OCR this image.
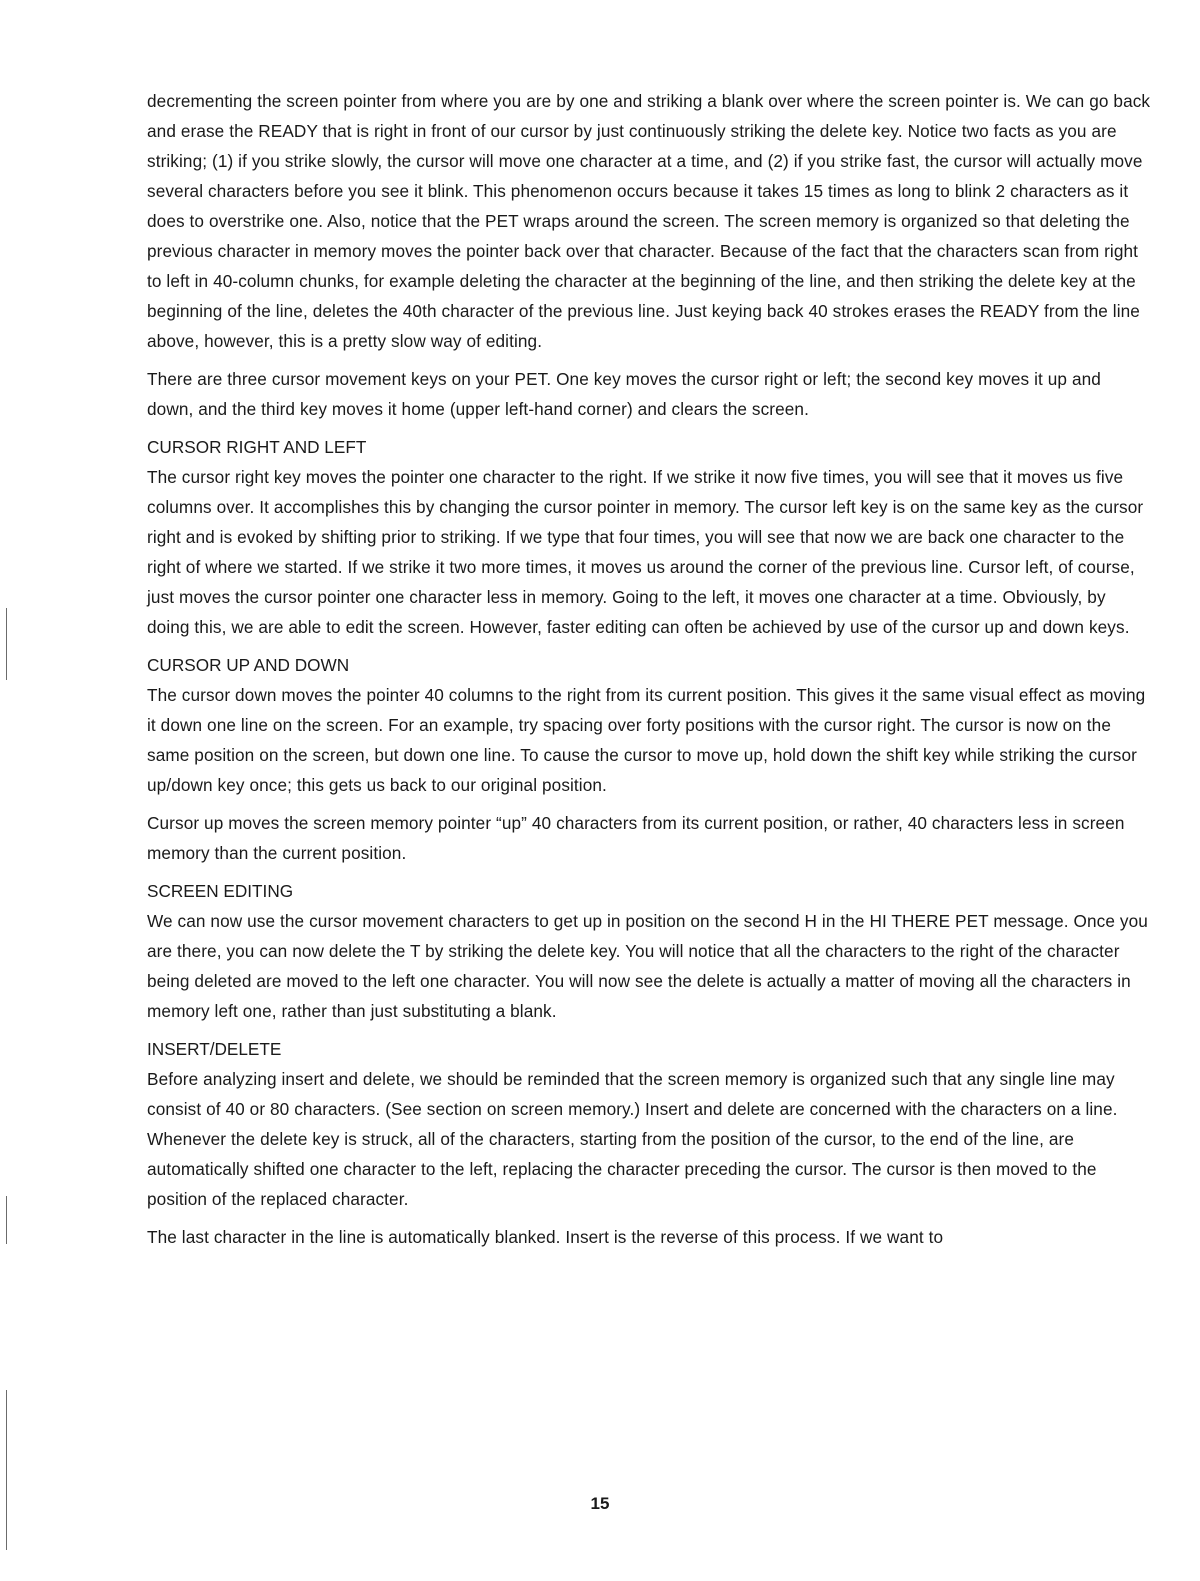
decrementing the screen pointer from where you are by one and striking a blank over where the screen pointer is. We can go back and erase the READY that is right in front of our cursor by just continuously striking the delete key. Notice two facts as you are striking; (1) if you strike slowly, the cursor will move one character at a time, and (2) if you strike fast, the cursor will actually move several characters before you see it blink. This phenomenon occurs because it takes 15 times as long to blink 2 characters as it does to overstrike one. Also, notice that the PET wraps around the screen. The screen memory is organized so that deleting the previous character in memory moves the pointer back over that character. Because of the fact that the characters scan from right to left in 40-column chunks, for example deleting the character at the beginning of the line, and then striking the delete key at the beginning of the line, deletes the 40th character of the previous line. Just keying back 40 strokes erases the READY from the line above, however, this is a pretty slow way of editing.

There are three cursor movement keys on your PET. One key moves the cursor right or left; the second key moves it up and down, and the third key moves it home (upper left-hand corner) and clears the screen.

CURSOR RIGHT AND LEFT

The cursor right key moves the pointer one character to the right. If we strike it now five times, you will see that it moves us five columns over. It accomplishes this by changing the cursor pointer in memory. The cursor left key is on the same key as the cursor right and is evoked by shifting prior to striking. If we type that four times, you will see that now we are back one character to the right of where we started. If we strike it two more times, it moves us around the corner of the previous line. Cursor left, of course, just moves the cursor pointer one character less in memory. Going to the left, it moves one character at a time. Obviously, by doing this, we are able to edit the screen. However, faster editing can often be achieved by use of the cursor up and down keys.

CURSOR UP AND DOWN

The cursor down moves the pointer 40 columns to the right from its current position. This gives it the same visual effect as moving it down one line on the screen. For an example, try spacing over forty positions with the cursor right. The cursor is now on the same position on the screen, but down one line. To cause the cursor to move up, hold down the shift key while striking the cursor up/down key once; this gets us back to our original position.

Cursor up moves the screen memory pointer “up” 40 characters from its current position, or rather, 40 characters less in screen memory than the current position.

SCREEN EDITING

We can now use the cursor movement characters to get up in position on the second H in the HI THERE PET message. Once you are there, you can now delete the T by striking the delete key. You will notice that all the characters to the right of the character being deleted are moved to the left one character. You will now see the delete is actually a matter of moving all the characters in memory left one, rather than just substituting a blank.

INSERT/DELETE

Before analyzing insert and delete, we should be reminded that the screen memory is organized such that any single line may consist of 40 or 80 characters. (See section on screen memory.) Insert and delete are concerned with the characters on a line. Whenever the delete key is struck, all of the characters, starting from the position of the cursor, to the end of the line, are automatically shifted one character to the left, replacing the character preceding the cursor. The cursor is then moved to the position of the replaced character.

The last character in the line is automatically blanked. Insert is the reverse of this process. If we want to

15
